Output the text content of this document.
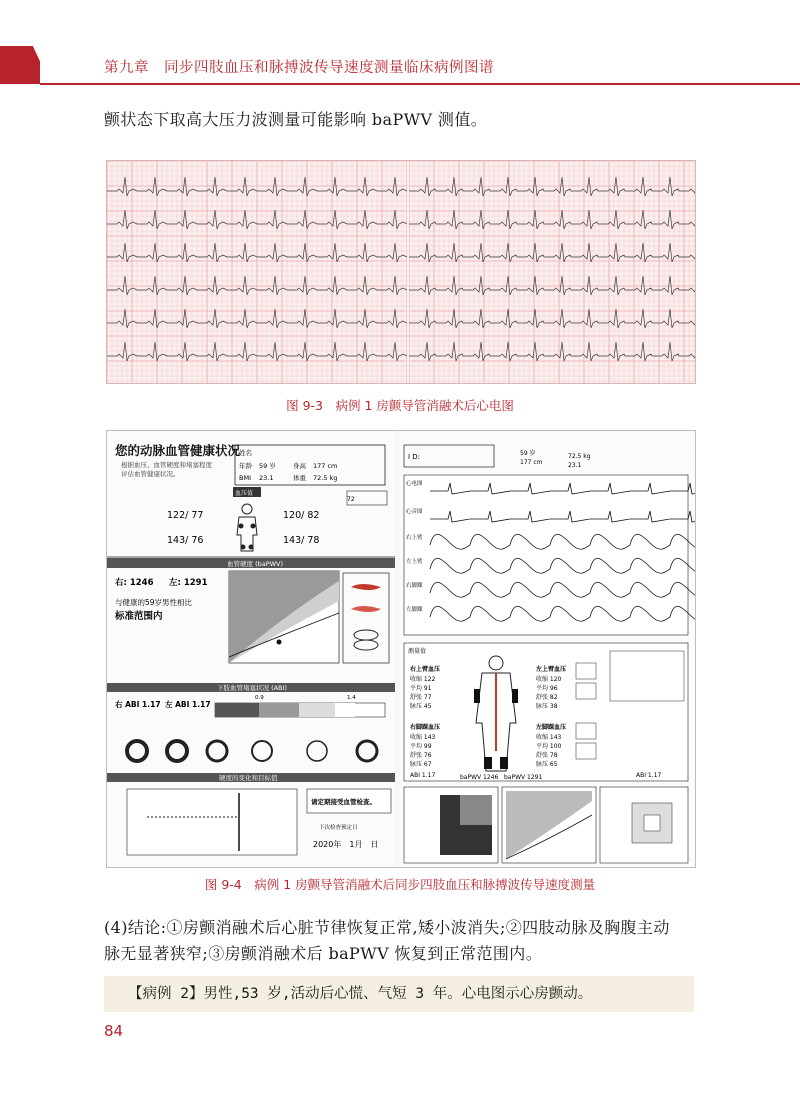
第九章　同步四肢血压和脉搏波传导速度测量临床病例图谱
颤状态下取高大压力波测量可能影响 baPWV 测值。
图 9-3　病例 1 房颤导管消融术后心电图
您的动脉血管健康状况
根据血压、血管硬度和堵塞程度
评估血管健康状况。
姓名
年龄 59 岁	身高 177 cm
BMI 23.1	体重 72.5 kg
血压值
122/ 77	120/ 82
143/ 76	143/ 78
72
血管硬度 (baPWV)
右: 1246 左: 1291
与健康的59岁男性相比
标准范围内
下肢血管堵塞状况 (ABI)
右 ABI 1.17 左 ABI 1.17
0.9	1.4
硬度的变化和目标值
请定期接受血管检查。
下次检查预定日
2020年　1月　日
I D:	59 岁
177 cm
72.5 kg
23.1
心电图
心音图
右上臂
左上臂
右脚踝
左脚踝
测量值
右上臂血压
收缩 122
平均 91
舒张 77
脉压 45
右脚踝血压
收缩 143
平均 99
舒张 76
脉压 67
左上臂血压
收缩 120
平均 96
舒张 82
脉压 38
左脚踝血压
收缩 143
平均 100
舒张 78
脉压 65
baPWV 1246 baPWV 1291
ABI 1.17	ABI 1.17
图 9-4　病例 1 房颤导管消融术后同步四肢血压和脉搏波传导速度测量
(4)结论:①房颤消融术后心脏节律恢复正常,矮小波消失;②四肢动脉及胸腹主动
脉无显著狭窄;③房颤消融术后 baPWV 恢复到正常范围内。
【病例 2】男性,53 岁,活动后心慌、气短 3 年。心电图示心房颤动。
84
